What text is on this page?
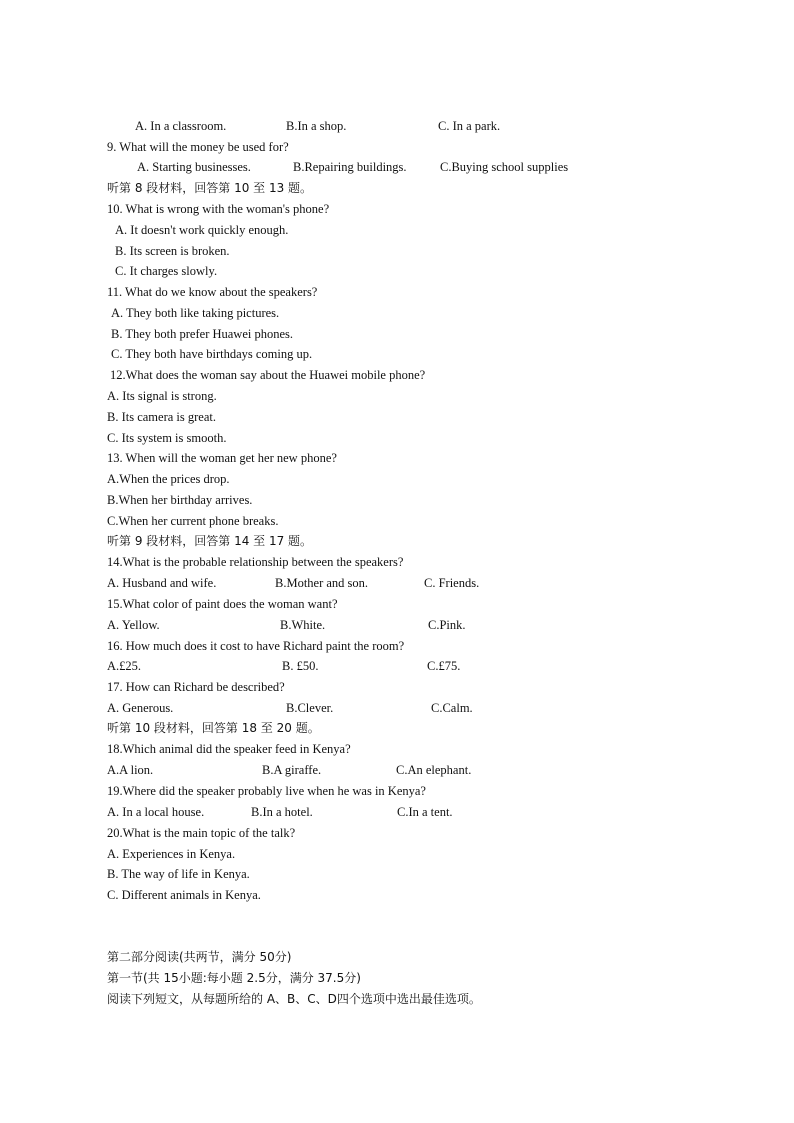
A. In a classroom.	B.In a shop.	C. In a park.
9. What will the money be used for?
A. Starting businesses.	B.Repairing buildings.	C.Buying school supplies
听第 8 段材料，回答第 10 至 13 题。
10. What is wrong with the woman's phone?
A. It doesn't work quickly enough.
B. Its screen is broken.
C. It charges slowly.
11. What do we know about the speakers?
A. They both like taking pictures.
B. They both prefer Huawei phones.
C. They both have birthdays coming up.
12.What does the woman say about the Huawei mobile phone?
A. Its signal is strong.
B. Its camera is great.
C. Its system is smooth.
13. When will the woman get her new phone?
A.When the prices drop.
B.When her birthday arrives.
C.When her current phone breaks.
听第 9 段材料，回答第 14 至 17 题。
14.What is the probable relationship between the speakers?
A. Husband and wife.	B.Mother and son.	C. Friends.
15.What color of paint does the woman want?
A. Yellow.	B.White.	C.Pink.
16. How much does it cost to have Richard paint the room?
A.£25.	B. £50.	C.£75.
17. How can Richard be described?
A. Generous.	B.Clever.	C.Calm.
听第 10 段材料，回答第 18 至 20 题。
18.Which animal did the speaker feed in Kenya?
A.A lion.	B.A giraffe.	C.An elephant.
19.Where did the speaker probably live when he was in Kenya?
A. In a local house.	B.In a hotel.	C.In a tent.
20.What is the main topic of the talk?
A. Experiences in Kenya.
B. The way of life in Kenya.
C. Different animals in Kenya.
第二部分阅读(共两节，满分 50分)
第一节(共 15小题:每小题 2.5分，满分 37.5分)
阅读下列短文，从每题所给的 A、B、C、D四个选项中选出最佳选项。
